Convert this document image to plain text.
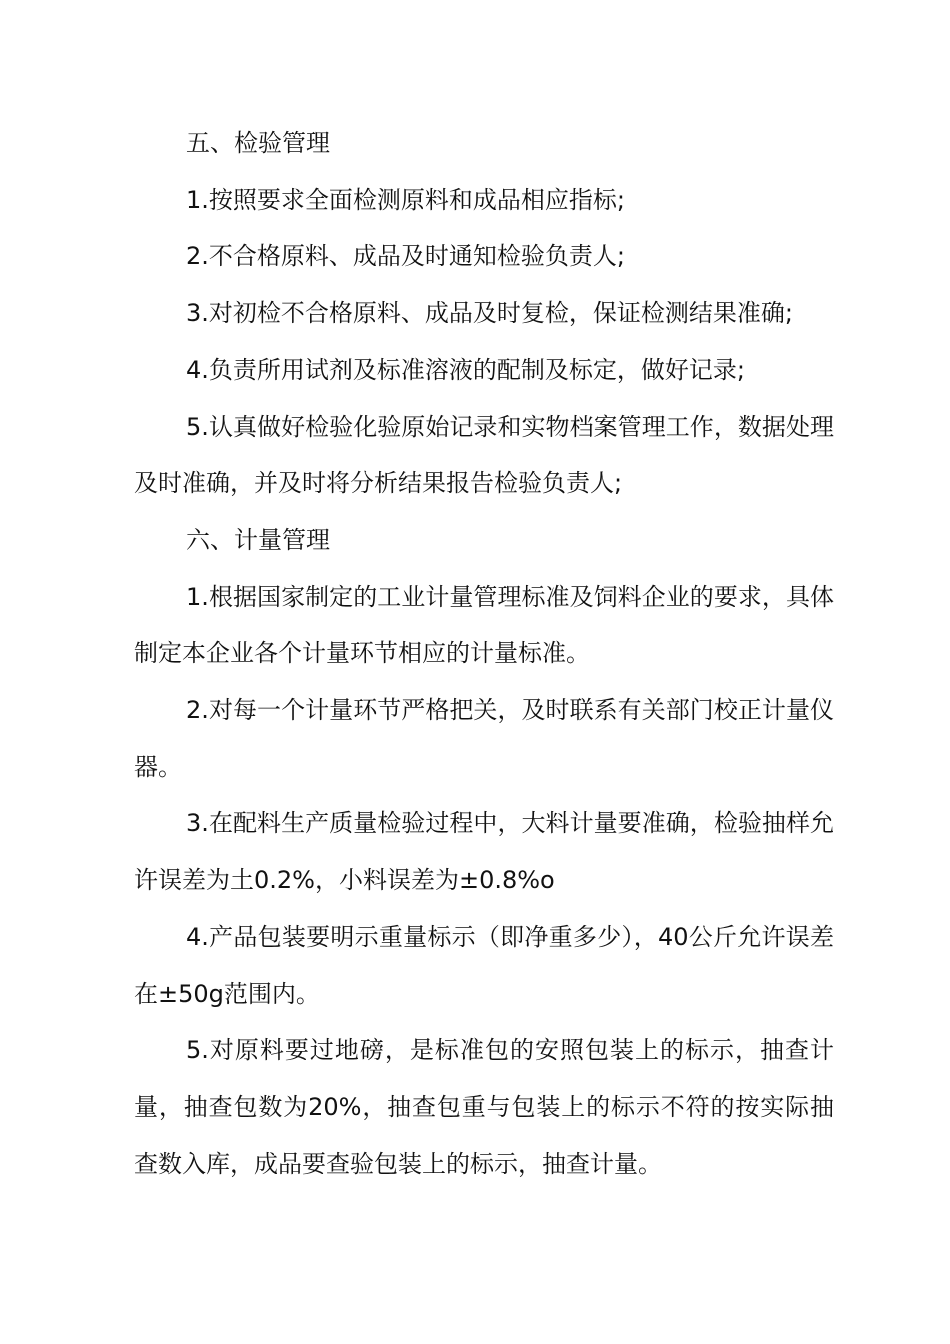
五、检验管理

1.按照要求全面检测原料和成品相应指标;

2.不合格原料、成品及时通知检验负责人;

3.对初检不合格原料、成品及时复检，保证检测结果准确;

4.负责所用试剂及标准溶液的配制及标定，做好记录;

5.认真做好检验化验原始记录和实物档案管理工作，数据处理及时准确，并及时将分析结果报告检验负责人;

六、计量管理

1.根据国家制定的工业计量管理标准及饲料企业的要求，具体制定本企业各个计量环节相应的计量标准。

2.对每一个计量环节严格把关，及时联系有关部门校正计量仪器。

3.在配料生产质量检验过程中，大料计量要准确，检验抽样允许误差为土0.2%，小料误差为±0.8%o

4.产品包装要明示重量标示（即净重多少），40公斤允许误差在±50g范围内。

5.对原料要过地磅，是标准包的安照包装上的标示，抽查计量，抽查包数为20%，抽查包重与包装上的标示不符的按实际抽查数入库，成品要查验包装上的标示，抽查计量。
